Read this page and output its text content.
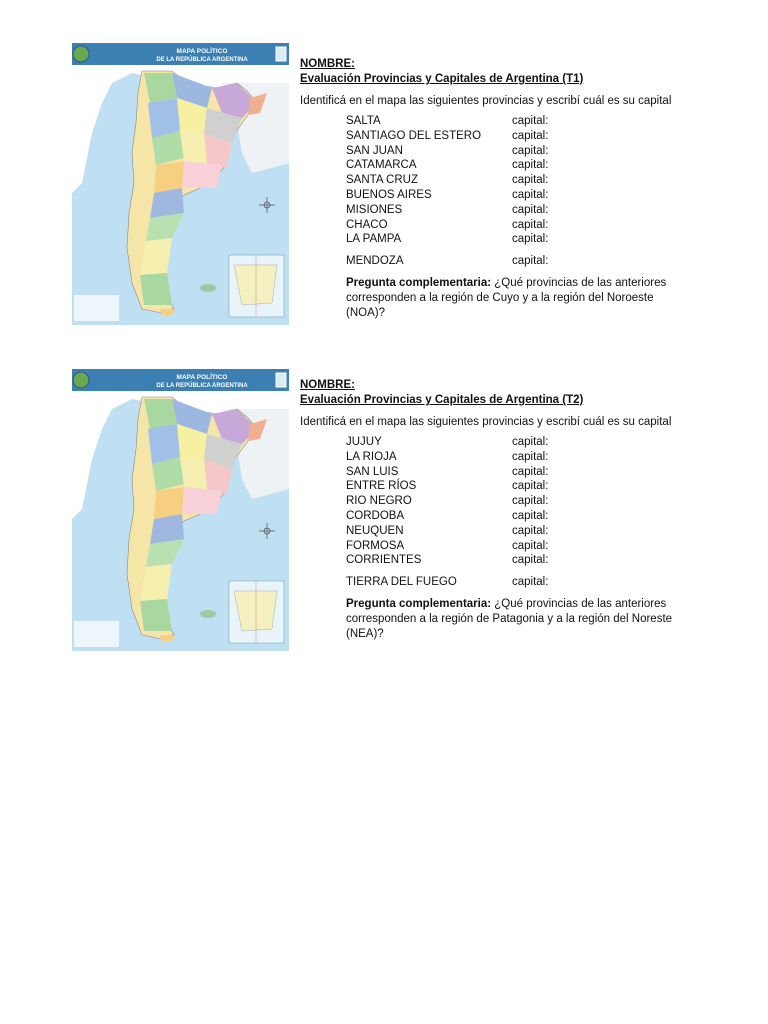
MAPA POLÍTICO
DE LA REPÚBLICA ARGENTINA	NOMBRE:
Evaluación Provincias y Capitales de Argentina (T1)
Identificá en el mapa las siguientes provincias y escribí cuál es su capital
SALTA	capital:
SANTIAGO DEL ESTERO	capital:
SAN JUAN	capital:
CATAMARCA	capital:
SANTA CRUZ	capital:
BUENOS AIRES	capital:
MISIONES	capital:
CHACO	capital:
LA PAMPA	capital:
MENDOZA	capital:
Pregunta complementaria: ¿Qué provincias de las anteriores corresponden a la región de Cuyo y a la región del Noroeste (NOA)?
MAPA POLÍTICO
DE LA REPÚBLICA ARGENTINA	NOMBRE:
Evaluación Provincias y Capitales de Argentina (T2)
Identificá en el mapa las siguientes provincias y escribí cuál es su capital
JUJUY	capital:
LA RIOJA	capital:
SAN LUIS	capital:
ENTRE RÍOS	capital:
RIO NEGRO	capital:
CORDOBA	capital:
NEUQUEN	capital:
FORMOSA	capital:
CORRIENTES	capital:
TIERRA DEL FUEGO	capital:
Pregunta complementaria: ¿Qué provincias de las anteriores corresponden a la región de Patagonia y a la región del Noreste (NEA)?
